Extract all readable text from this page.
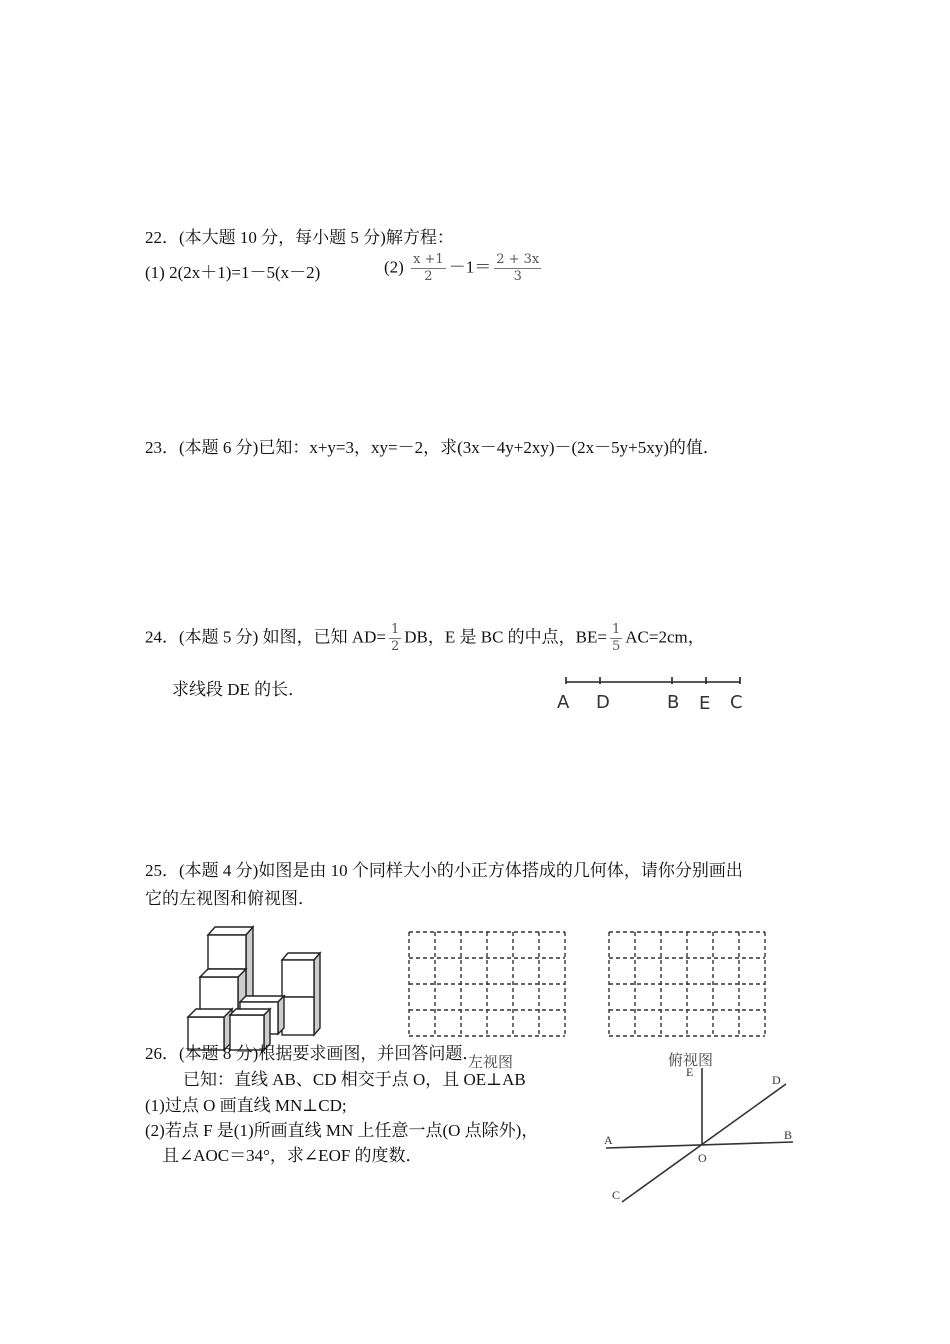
22．(本大题 10 分，每小题 5 分)解方程：
(1) 2(2x＋1)=1－5(x－2)	$(2) \frac{x +1}{2} -1= \frac{2 + 3x}{3}$
23．(本题 6 分)已知：x+y=3，xy=－2，求(3x－4y+2xy)－(2x－5y+5xy)的值．
24．(本题 5 分) 如图，已知 $AD= \frac{1}{2}$ DB，E 是 BC 的中点，$BE= \frac{1}{5} AC=2cm$，
求线段 DE 的长．
A D	B E C
25．(本题 4 分)如图是由 10 个同样大小的小正方体搭成的几何体，请你分别画出
它的左视图和俯视图．
左视图	俯视图
26．(本题 8 分)根据要求画图，并回答问题．
已知：直线 AB、CD 相交于点 O，且 OE⊥AB
(1)过点 O 画直线 MN⊥CD;
(2)若点 F 是(1)所画直线 MN 上任意一点(O 点除外)，
且∠AOC＝34°，求∠EOF 的度数．
E
D
A	B
O
C
